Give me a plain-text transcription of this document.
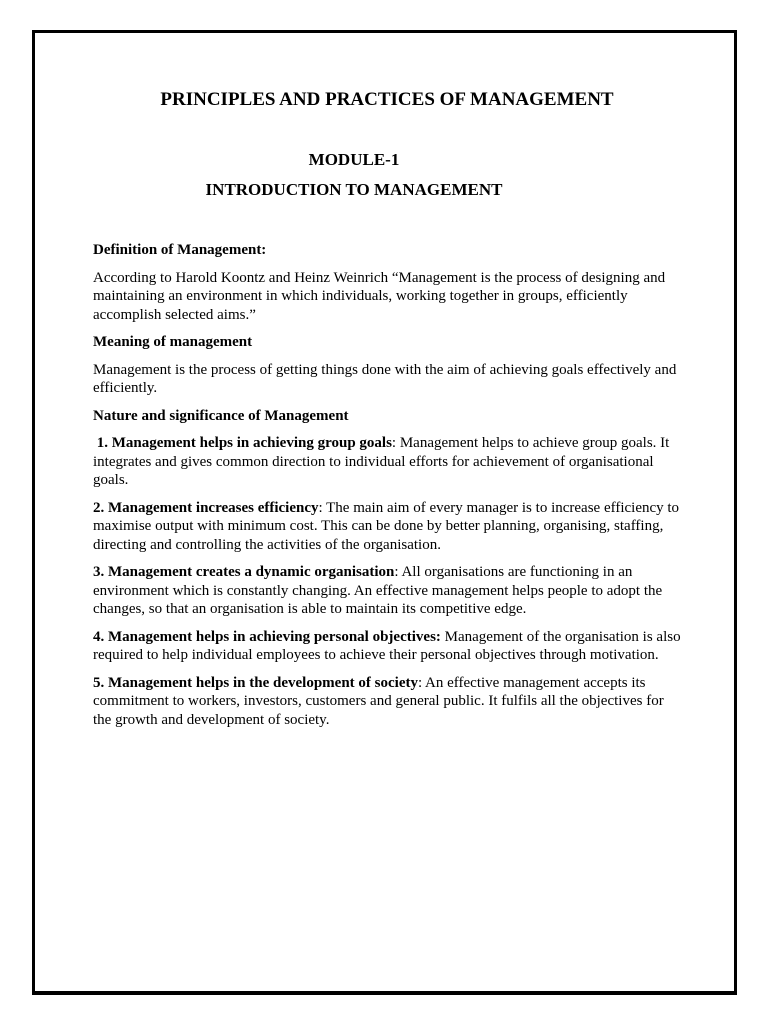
PRINCIPLES AND PRACTICES OF MANAGEMENT
MODULE-1
INTRODUCTION TO MANAGEMENT

Definition of Management:

According to Harold Koontz and Heinz Weinrich “Management is the process of designing and maintaining an environment in which individuals, working together in groups, efficiently accomplish selected aims.”

Meaning of management

Management is the process of getting things done with the aim of achieving goals effectively and efficiently.

Nature and significance of Management

1. Management helps in achieving group goals: Management helps to achieve group goals. It integrates and gives common direction to individual efforts for achievement of organisational goals.

2. Management increases efficiency: The main aim of every manager is to increase efficiency to maximise output with minimum cost. This can be done by better planning, organising, staffing, directing and controlling the activities of the organisation.

3. Management creates a dynamic organisation: All organisations are functioning in an environment which is constantly changing. An effective management helps people to adopt the changes, so that an organisation is able to maintain its competitive edge.

4. Management helps in achieving personal objectives: Management of the organisation is also required to help individual employees to achieve their personal objectives through motivation.

5. Management helps in the development of society: An effective management accepts its commitment to workers, investors, customers and general public. It fulfils all the objectives for the growth and development of society.
